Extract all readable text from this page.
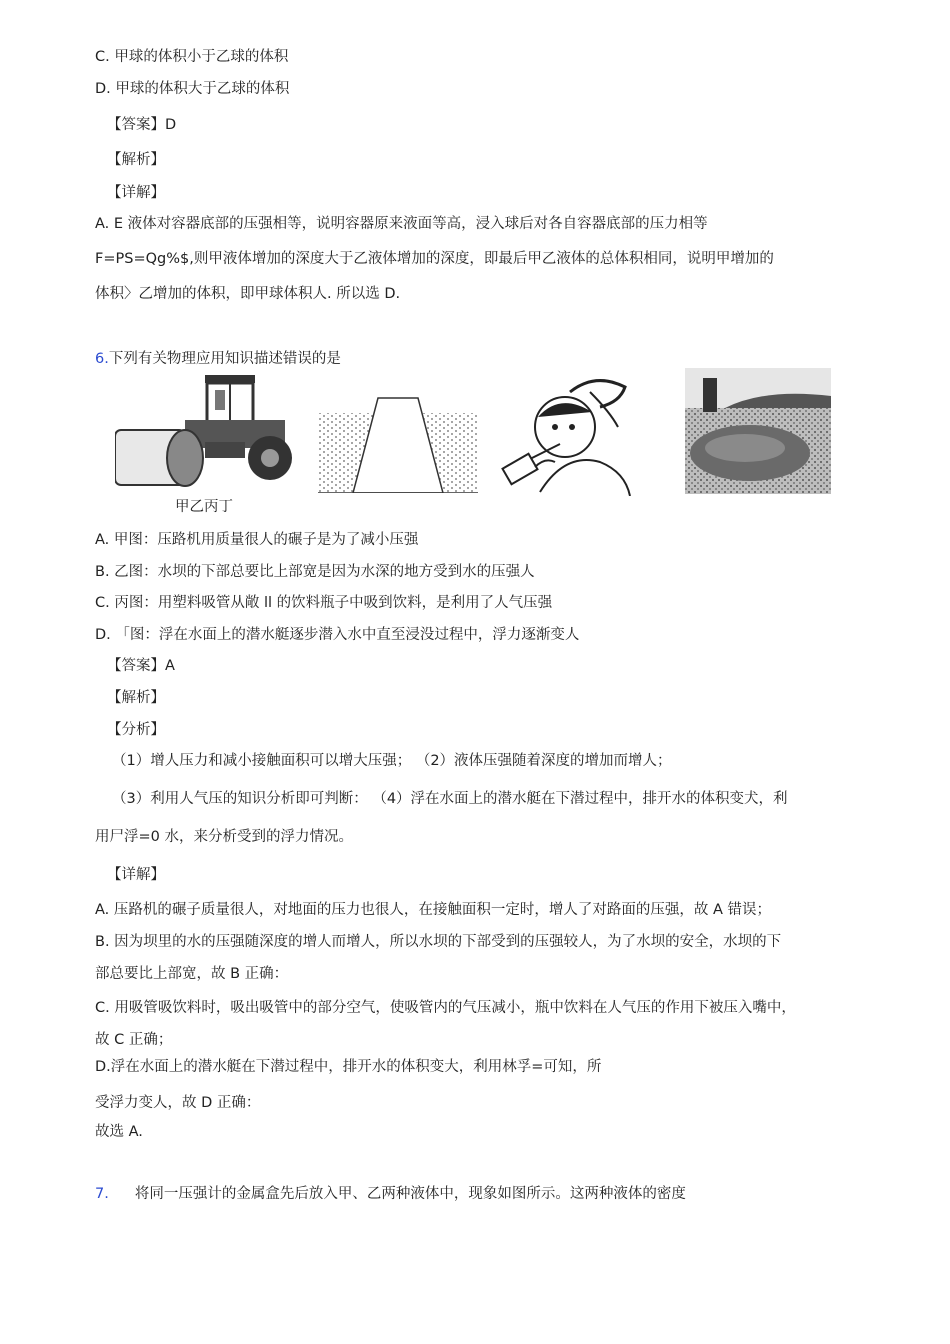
C. 甲球的体积小于乙球的体积
D. 甲球的体积大于乙球的体积
【答案】D
【解析】
【详解】
A. E 液体对容器底部的压强相等，说明容器原来液面等高，浸入球后对各自容器底部的压力相等
F=PS=Qg%$,则甲液体增加的深度大于乙液体增加的深度，即最后甲乙液体的总体积相同，说明甲增加的
体积〉乙增加的体积，即甲球体积人. 所以选 D.
6.下列有关物理应用知识描述错误的是
甲乙丙丁
A. 甲图：压路机用质量很人的碾子是为了减小压强
B. 乙图：水坝的下部总要比上部宽是因为水深的地方受到水的压强人
C. 丙图：用塑料吸管从敞 ll 的饮料瓶子中吸到饮料，是利用了人气压强
D. 「图：浮在水面上的潜水艇逐步潜入水中直至浸没过程中，浮力逐渐变人
【答案】A
【解析】
【分析】
（1）增人压力和减小接触面积可以增大压强； （2）液体压强随着深度的增加而增人；
（3）利用人气压的知识分析即可判断： （4）浮在水面上的潜水艇在下潜过程中，排开水的体积变犬，利
用尸浮=0 水，来分析受到的浮力情况。
【详解】
A. 压路机的碾子质量很人，对地面的压力也很人，在接触面积一定时，增人了对路面的压强，故 A 错误；
B. 因为坝里的水的压强随深度的增人而增人，所以水坝的下部受到的压强较人，为了水坝的安全，水坝的下
部总要比上部宽，故 B 正确：
C. 用吸管吸饮料时，吸出吸管中的部分空气，使吸管内的气压减小，瓶中饮料在人气压的作用下被压入嘴中，
故 C 正确；
D.浮在水面上的潜水艇在下潜过程中，排开水的体积变大，利用林孚=可知，所
受浮力变人，故 D 正确：
故选 A.
7. 将同一压强计的金属盒先后放入甲、乙两种液体中，现象如图所示。这两种液体的密度
